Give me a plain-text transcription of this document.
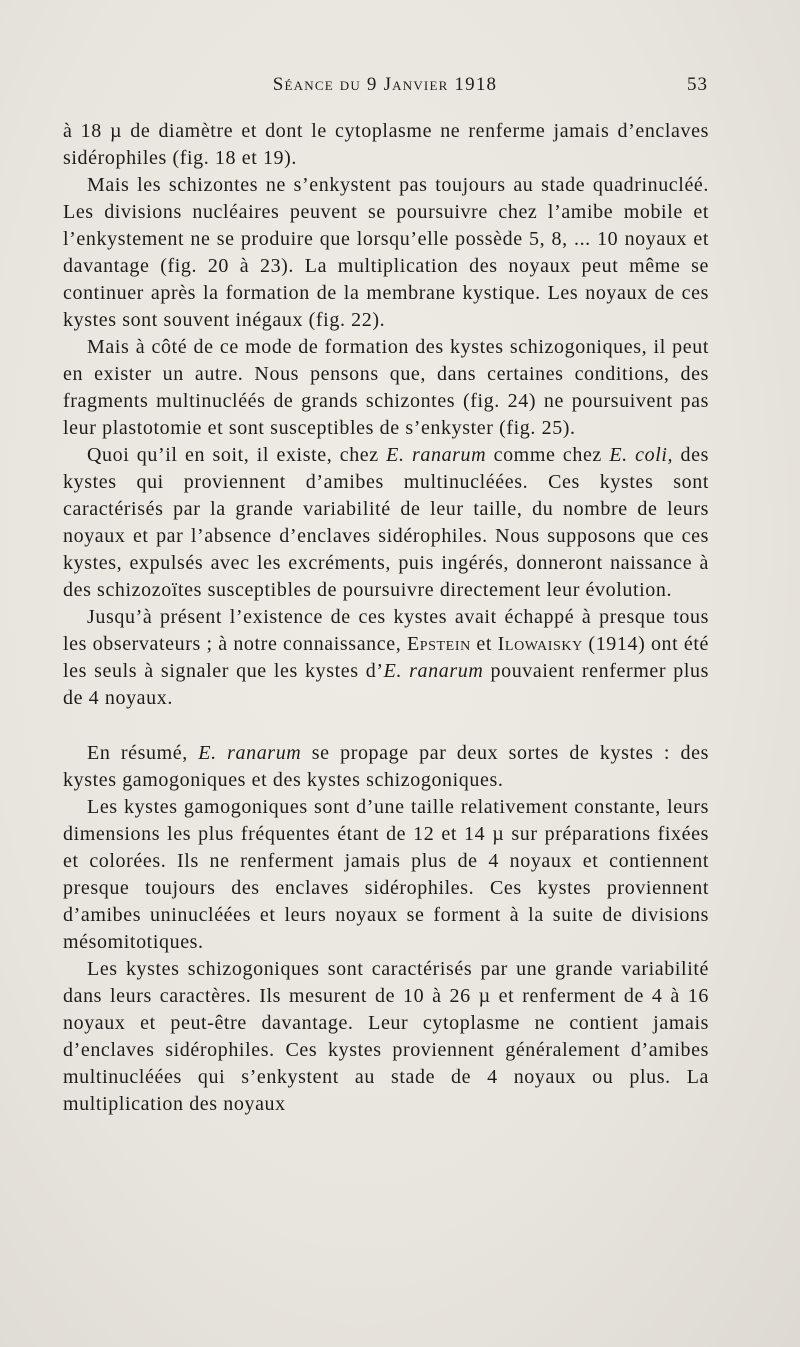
Séance du 9 Janvier 1918	53

à 18 µ de diamètre et dont le cytoplasme ne renferme jamais d’enclaves sidérophiles (fig. 18 et 19).

Mais les schizontes ne s’enkystent pas toujours au stade quadrinucléé. Les divisions nucléaires peuvent se poursuivre chez l’amibe mobile et l’enkystement ne se produire que lorsqu’elle possède 5, 8, ... 10 noyaux et davantage (fig. 20 à 23). La multiplication des noyaux peut même se continuer après la formation de la membrane kystique. Les noyaux de ces kystes sont souvent inégaux (fig. 22).

Mais à côté de ce mode de formation des kystes schizogoniques, il peut en exister un autre. Nous pensons que, dans certaines conditions, des fragments multinucléés de grands schizontes (fig. 24) ne poursuivent pas leur plastotomie et sont susceptibles de s’enkyster (fig. 25).

Quoi qu’il en soit, il existe, chez E. ranarum comme chez E. coli, des kystes qui proviennent d’amibes multinucléées. Ces kystes sont caractérisés par la grande variabilité de leur taille, du nombre de leurs noyaux et par l’absence d’enclaves sidérophiles. Nous supposons que ces kystes, expulsés avec les excréments, puis ingérés, donneront naissance à des schizozoïtes susceptibles de poursuivre directement leur évolution.

Jusqu’à présent l’existence de ces kystes avait échappé à presque tous les observateurs ; à notre connaissance, Epstein et Ilowaisky (1914) ont été les seuls à signaler que les kystes d’E. ranarum pouvaient renfermer plus de 4 noyaux.

En résumé, E. ranarum se propage par deux sortes de kystes : des kystes gamogoniques et des kystes schizogoniques.

Les kystes gamogoniques sont d’une taille relativement constante, leurs dimensions les plus fréquentes étant de 12 et 14 µ sur préparations fixées et colorées. Ils ne renferment jamais plus de 4 noyaux et contiennent presque toujours des enclaves sidérophiles. Ces kystes proviennent d’amibes uninucléées et leurs noyaux se forment à la suite de divisions mésomitotiques.

Les kystes schizogoniques sont caractérisés par une grande variabilité dans leurs caractères. Ils mesurent de 10 à 26 µ et renferment de 4 à 16 noyaux et peut-être davantage. Leur cytoplasme ne contient jamais d’enclaves sidérophiles. Ces kystes proviennent généralement d’amibes multinucléées qui s’enkystent au stade de 4 noyaux ou plus. La multiplication des noyaux
